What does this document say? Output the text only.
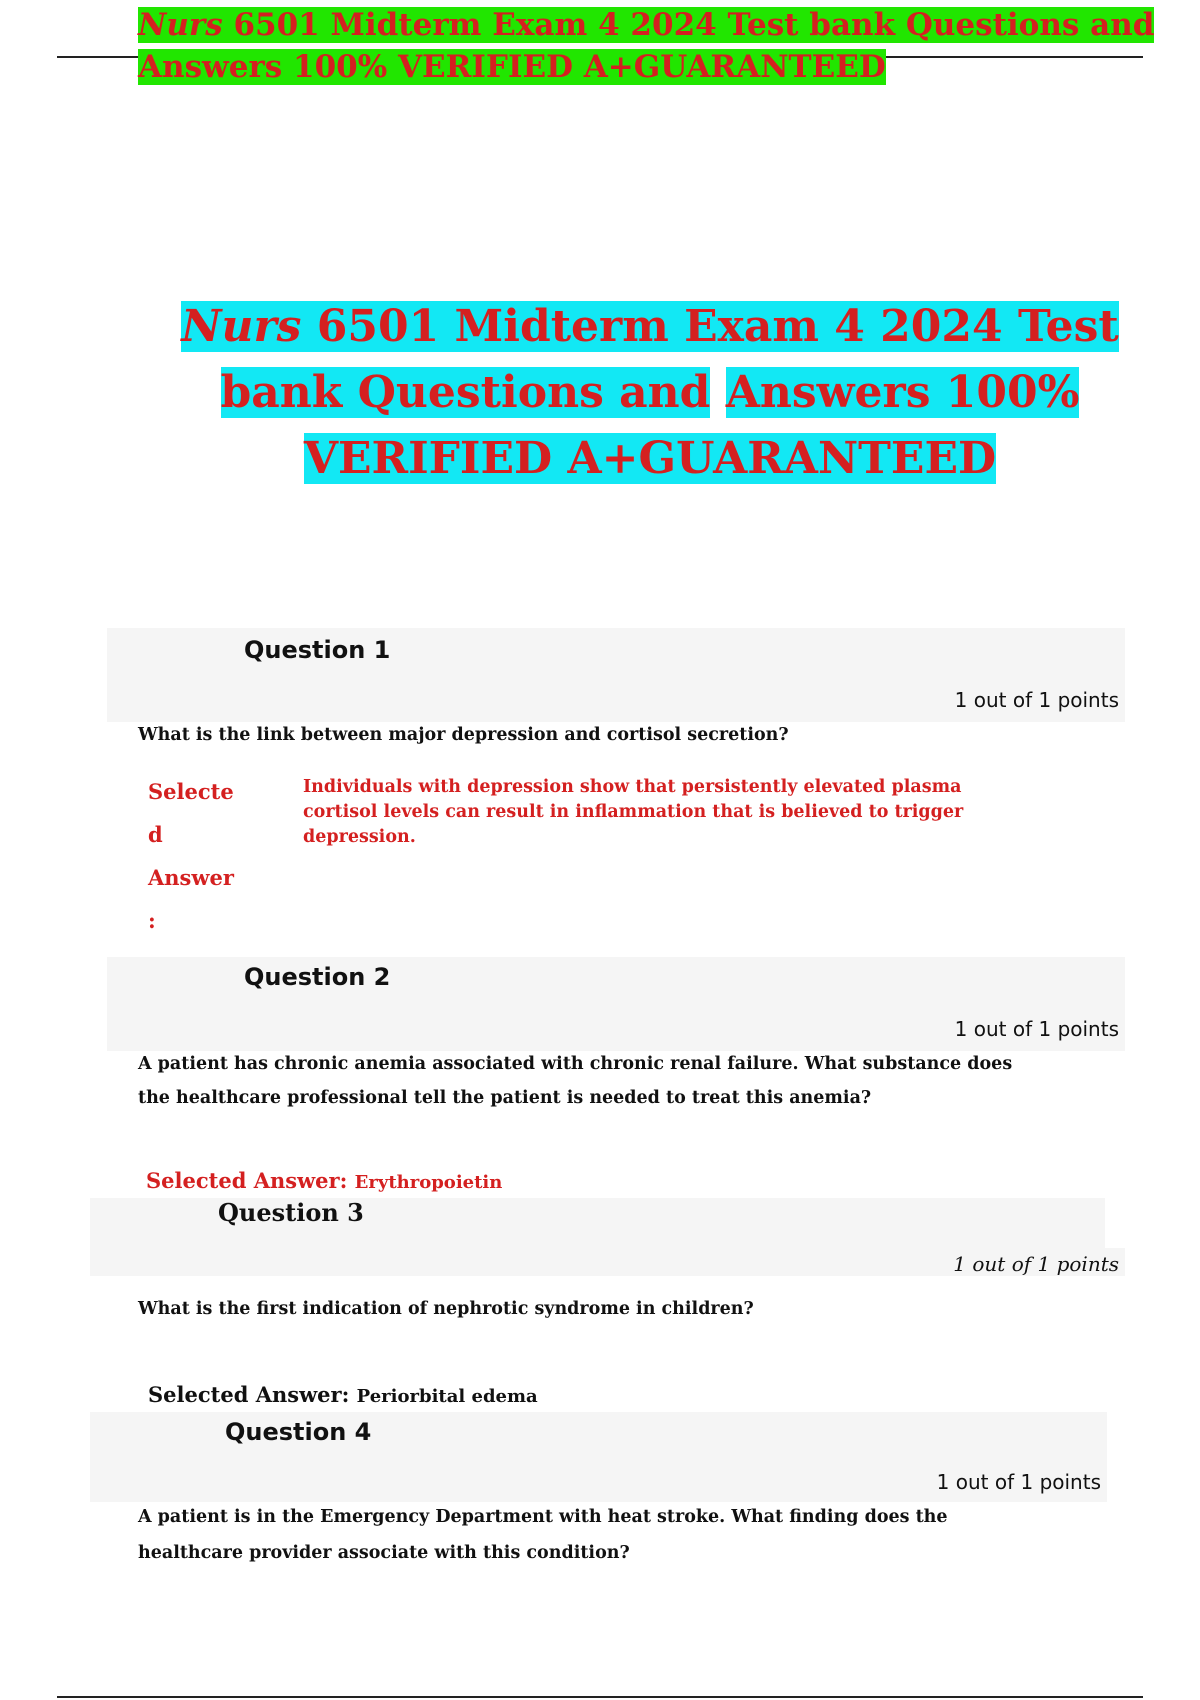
Nurs 6501 Midterm Exam 4 2024 Test bank Questions and Answers 100% VERIFIED A+GUARANTEED
Nurs 6501 Midterm Exam 4 2024 Test
bank Questions and Answers 100%
VERIFIED A+GUARANTEED
Question 1
1 out of 1 points
What is the link between major depression and cortisol secretion?
Selecte
d
Answer
:
Individuals with depression show that persistently elevated plasma cortisol levels can result in inflammation that is believed to trigger depression.
Question 2
1 out of 1 points
A patient has chronic anemia associated with chronic renal failure. What substance does the healthcare professional tell the patient is needed to treat this anemia?
Selected Answer: Erythropoietin
Question 3
1 out of 1 points
What is the first indication of nephrotic syndrome in children?
Selected Answer: Periorbital edema
Question 4
1 out of 1 points
A patient is in the Emergency Department with heat stroke. What finding does the healthcare provider associate with this condition?
